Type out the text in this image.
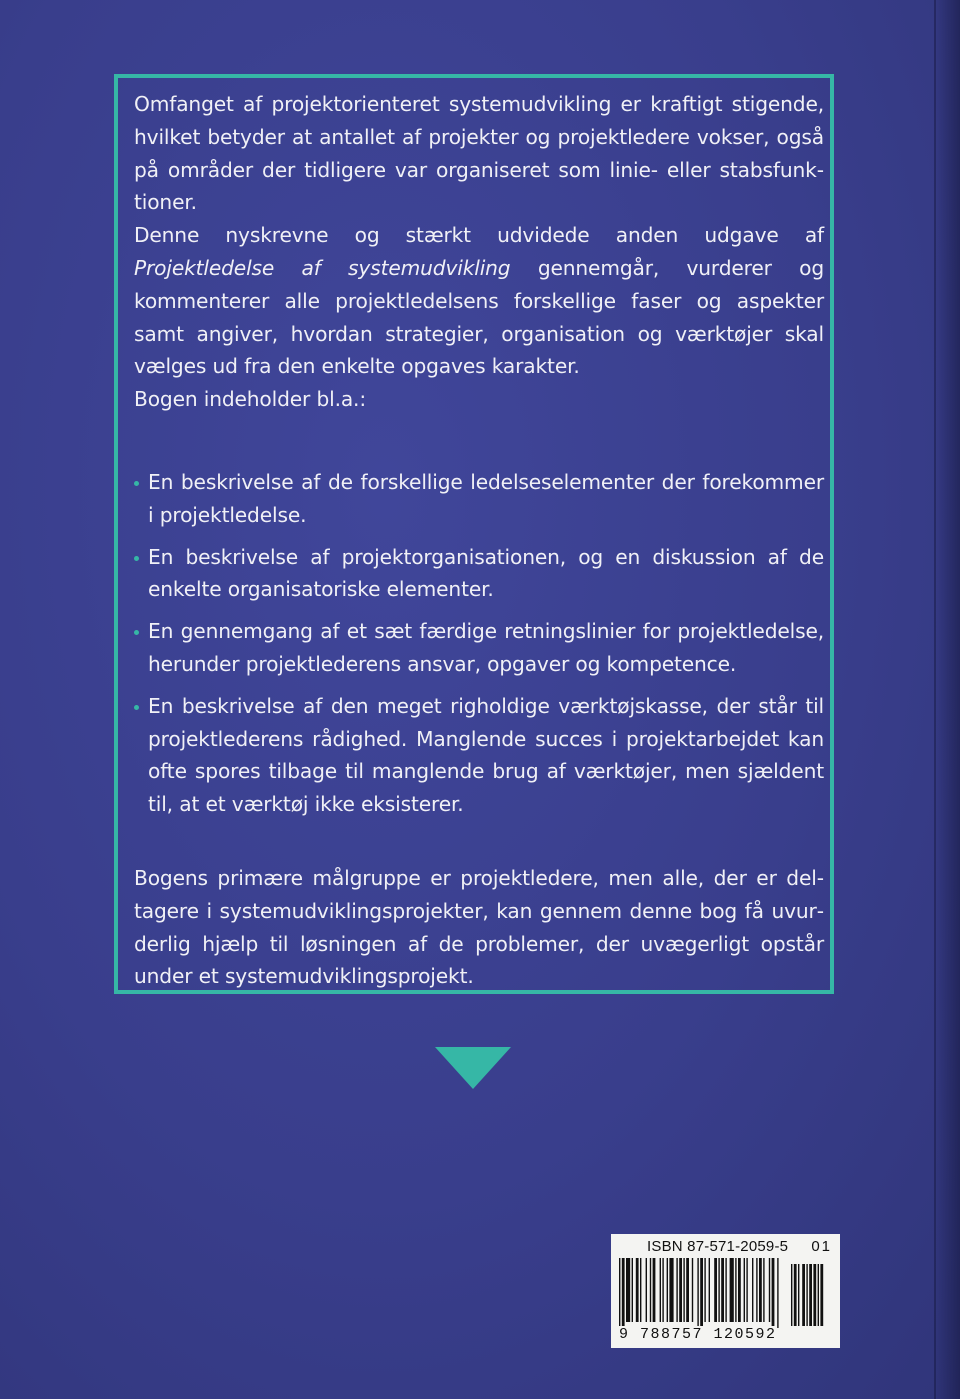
Omfanget af projektorienteret systemudvikling er kraftigt stigende, hvilket betyder at antallet af projekter og projektledere vokser, også på områder der tidligere var organiseret som linie- eller stabsfunktioner.

Denne nyskrevne og stærkt udvidede anden udgave af Projektledelse af systemudvikling gennemgår, vurderer og kommenterer alle projektledelsens forskellige faser og aspekter samt angiver, hvordan strategier, organisation og værktøjer skal vælges ud fra den enkelte opgaves karakter.

Bogen indeholder bl.a.:

En beskrivelse af de forskellige ledelseselementer der forekommer i projektledelse.
En beskrivelse af projektorganisationen, og en diskussion af de enkelte organisatoriske elementer.
En gennemgang af et sæt færdige retningslinier for projektledelse, herunder projektlederens ansvar, opgaver og kompetence.
En beskrivelse af den meget righoldige værktøjskasse, der står til projektlederens rådighed. Manglende succes i projektarbejdet kan ofte spores tilbage til manglende brug af værktøjer, men sjældent til, at et værktøj ikke eksisterer.

Bogens primære målgruppe er projektledere, men alle, der er deltagere i systemudviklingsprojekter, kan gennem denne bog få uvurderlig hjælp til løsningen af de problemer, der uvægerligt opstår under et systemudviklingsprojekt.

ISBN 87-571-2059-5 01
9 788757 120592
